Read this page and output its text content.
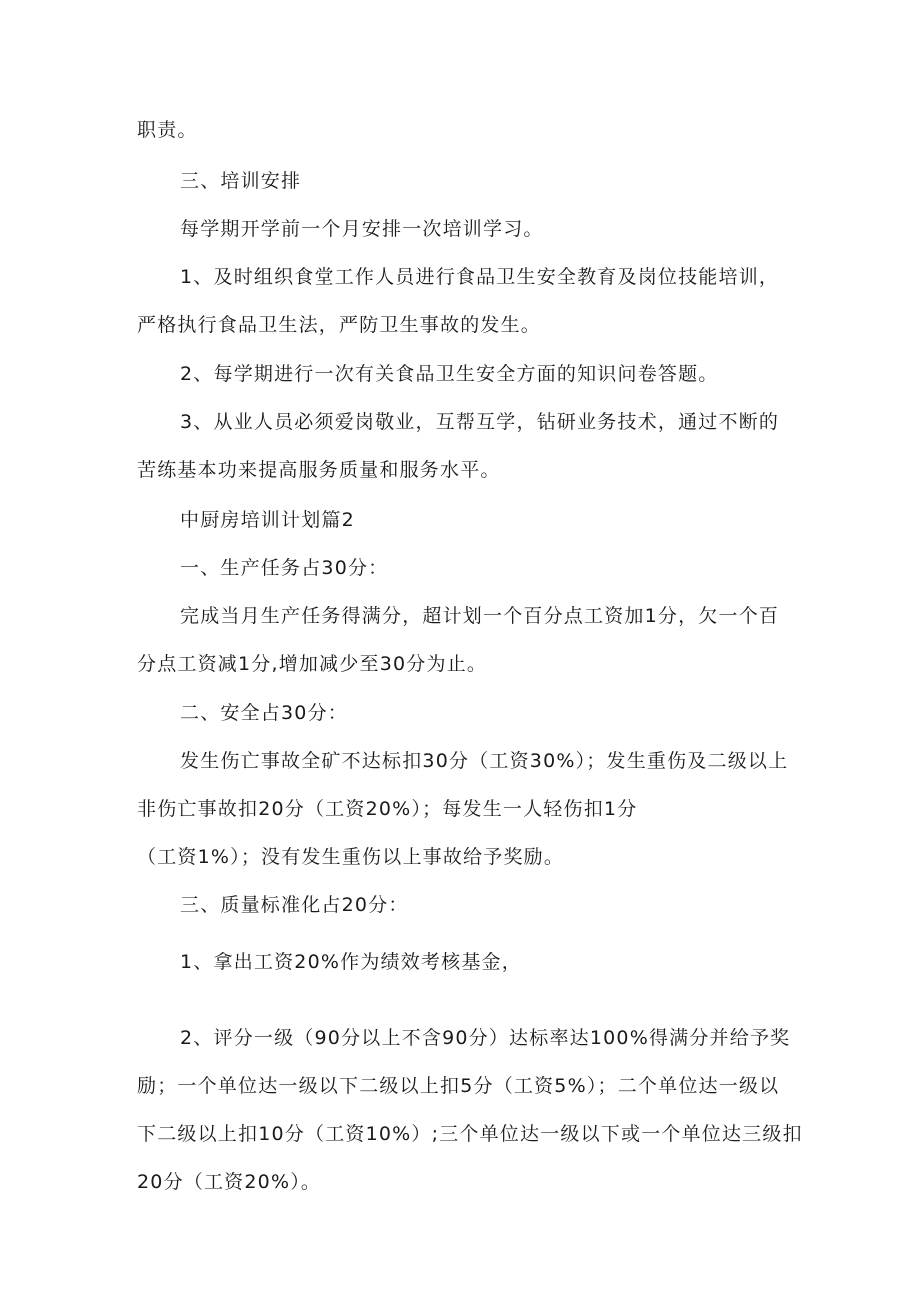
职责。
三、培训安排
每学期开学前一个月安排一次培训学习。
1、及时组织食堂工作人员进行食品卫生安全教育及岗位技能培训，
严格执行食品卫生法，严防卫生事故的发生。
2、每学期进行一次有关食品卫生安全方面的知识问卷答题。
3、从业人员必须爱岗敬业，互帮互学，钻研业务技术，通过不断的
苦练基本功来提高服务质量和服务水平。
中厨房培训计划篇2
一、生产任务占30分：
完成当月生产任务得满分，超计划一个百分点工资加1分，欠一个百
分点工资减1分,增加减少至30分为止。
二、安全占30分：
发生伤亡事故全矿不达标扣30分（工资30%）；发生重伤及二级以上
非伤亡事故扣20分（工资20%）；每发生一人轻伤扣1分
（工资1%）；没有发生重伤以上事故给予奖励。
三、质量标准化占20分：
1、拿出工资20%作为绩效考核基金，
2、评分一级（90分以上不含90分）达标率达100%得满分并给予奖
励；一个单位达一级以下二级以上扣5分（工资5%）；二个单位达一级以
下二级以上扣10分（工资10%）;三个单位达一级以下或一个单位达三级扣
20分（工资20%）。
